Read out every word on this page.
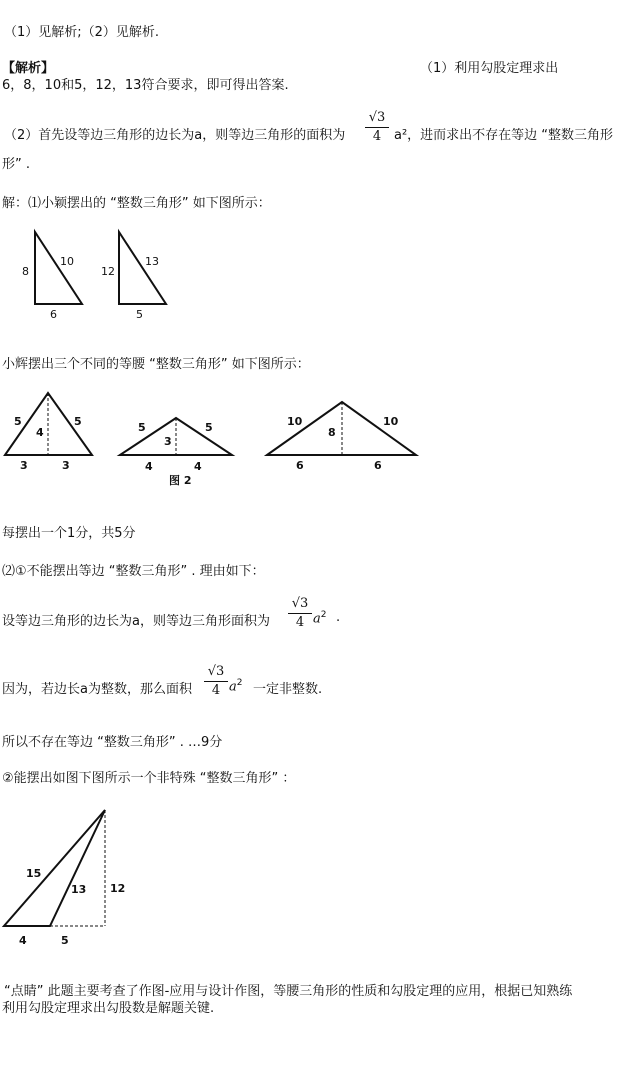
（1）见解析;（2）见解析.
【解析】	（1）利用勾股定理求出
6，8，10和5，12，13符合要求，即可得出答案.
（2）首先设等边三角形的边长为a，则等边三角形的面积为
√3
4 a²，进而求出不存在等边 “整数三角形
形” .
解：⑴小颖摆出的 “整数三角形” 如下图所示：
8
10
6
12
13
5
小辉摆出三个不同的等腰 “整数三角形” 如下图所示：
5	5
4
3	3
5	5
3
4	4
图 2
10	10
8
6	6
每摆出一个1分，共5分
⑵①不能摆出等边 “整数三角形” . 理由如下：
设等边三角形的边长为a，则等边三角形面积为
√3
4 $a^2$ .
因为，若边长a为整数，那么面积
√3
4 $a^2$ 一定非整数.
所以不存在等边 “整数三角形” . …9分
②能摆出如图下图所示一个非特殊 “整数三角形” ：
15
13 12
4	5
“点睛” 此题主要考查了作图-应用与设计作图，等腰三角形的性质和勾股定理的应用，根据已知熟练
利用勾股定理求出勾股数是解题关键.
